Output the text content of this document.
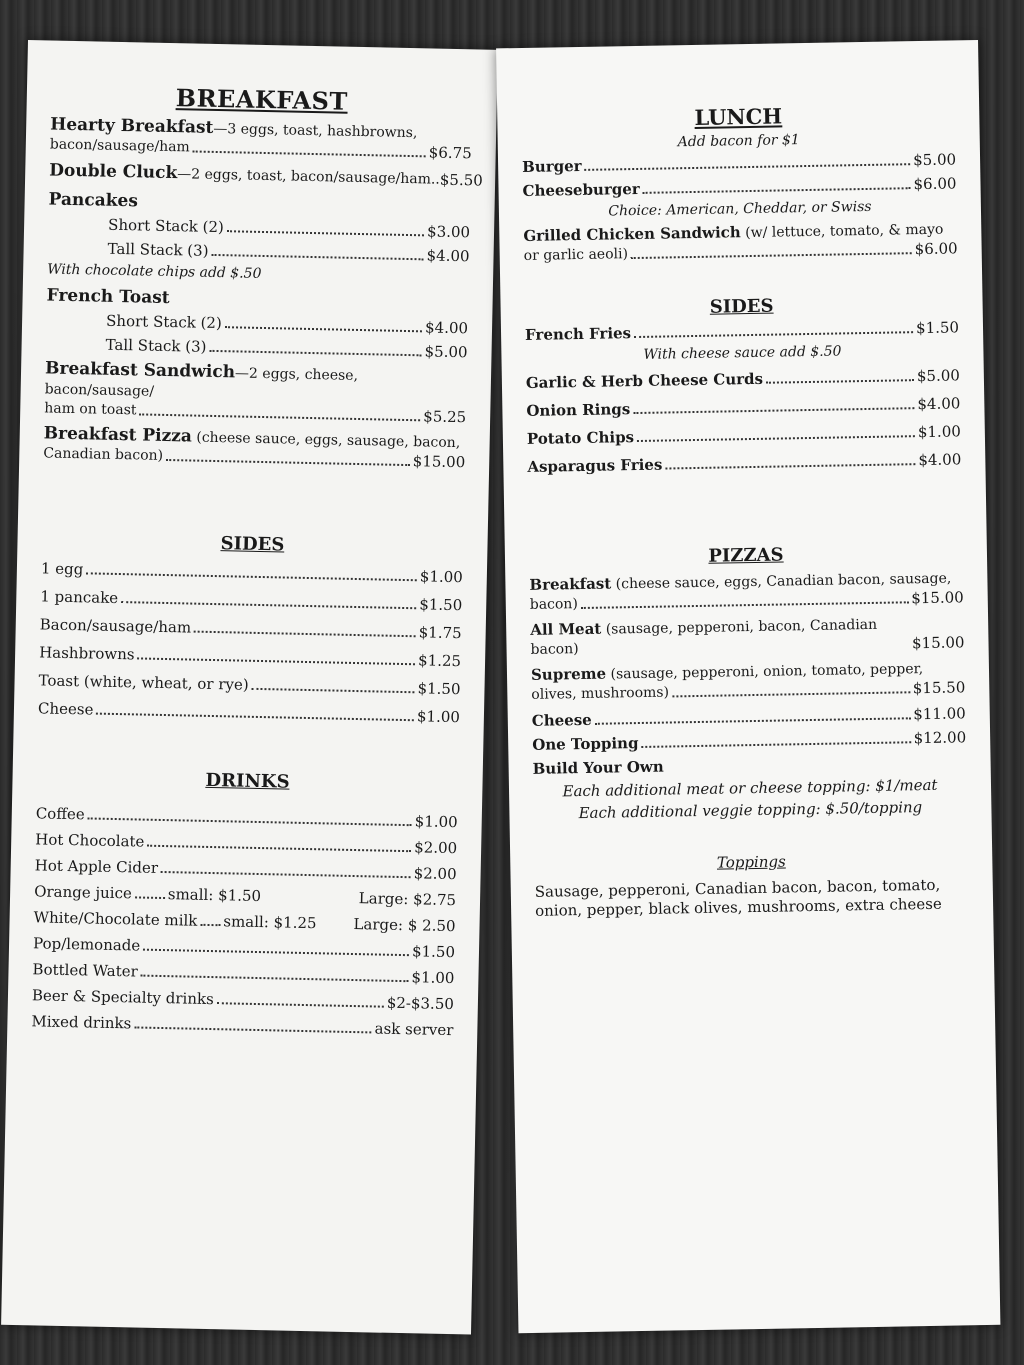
BREAKFAST
Hearty Breakfast—3 eggs, toast, hashbrowns,
bacon/sausage/ham	$6.75
Double Cluck—2 eggs, toast, bacon/sausage/ham.. $5.50
Pancakes
Short Stack (2)	$3.00
Tall Stack (3)	$4.00
With chocolate chips add $.50
French Toast
Short Stack (2)	$4.00
Tall Stack (3)	$5.00
Breakfast Sandwich—2 eggs, cheese, bacon/sausage/
ham on toast	$5.25
Breakfast Pizza (cheese sauce, eggs, sausage, bacon,
Canadian bacon)	$15.00
SIDES
1 egg	$1.00
1 pancake	$1.50
Bacon/sausage/ham	$1.75
Hashbrowns	$1.25
Toast (white, wheat, or rye)	$1.50
Cheese	$1.00
DRINKS
Coffee	$1.00
Hot Chocolate	$2.00
Hot Apple Cider	$2.00
Orange juice small: $1.50	Large: $2.75
White/Chocolate milk small: $1.25	Large: $ 2.50
Pop/lemonade	$1.50
Bottled Water	$1.00
Beer & Specialty drinks	$2-$3.50
Mixed drinks	ask server
LUNCH
Add bacon for $1
Burger	$5.00
Cheeseburger	$6.00
Choice: American, Cheddar, or Swiss
Grilled Chicken Sandwich (w/ lettuce, tomato, & mayo
or garlic aeoli)	$6.00
SIDES
French Fries	$1.50
With cheese sauce add $.50
Garlic & Herb Cheese Curds	$5.00
Onion Rings	$4.00
Potato Chips	$1.00
Asparagus Fries	$4.00
PIZZAS
Breakfast (cheese sauce, eggs, Canadian bacon, sausage,
bacon)	$15.00
All Meat (sausage, pepperoni, bacon, Canadian
bacon)	$15.00
Supreme (sausage, pepperoni, onion, tomato, pepper,
olives, mushrooms)	$15.50
Cheese	$11.00
One Topping	$12.00
Build Your Own
Each additional meat or cheese topping: $1/meat
Each additional veggie topping: $.50/topping
Toppings
Sausage, pepperoni, Canadian bacon, bacon, tomato, onion, pepper, black olives, mushrooms, extra cheese
